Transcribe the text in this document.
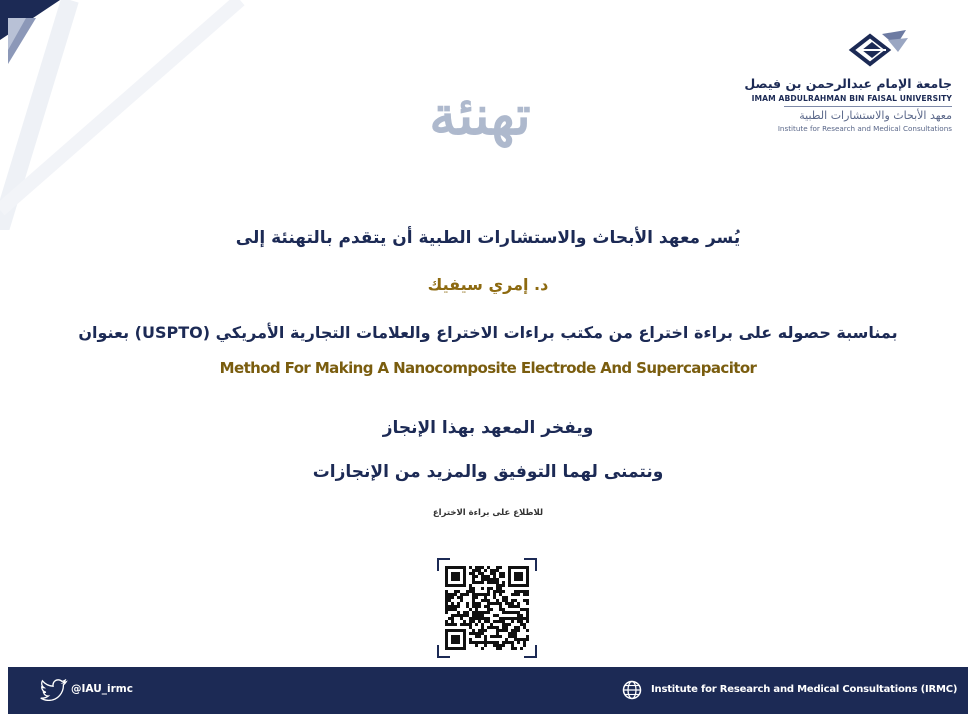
جامعة الإمام عبدالرحمن بن فيصل
IMAM ABDULRAHMAN BIN FAISAL UNIVERSITY
معهد الأبحاث والاستشارات الطبية
Institute for Research and Medical Consultations
تهنئة
يُسر معهد الأبحاث والاستشارات الطبية أن يتقدم بالتهنئة إلى
د. إمري سيفيك
بمناسبة حصوله على براءة اختراع من مكتب براءات الاختراع والعلامات التجارية الأمريكي (USPTO) بعنوان
Method For Making A Nanocomposite Electrode And Supercapacitor
ويفخر المعهد بهذا الإنجاز
ونتمنى لهما التوفيق والمزيد من الإنجازات
للاطلاع على براءة الاختراع
@IAU_irmc	Institute for Research and Medical Consultations (IRMC)
